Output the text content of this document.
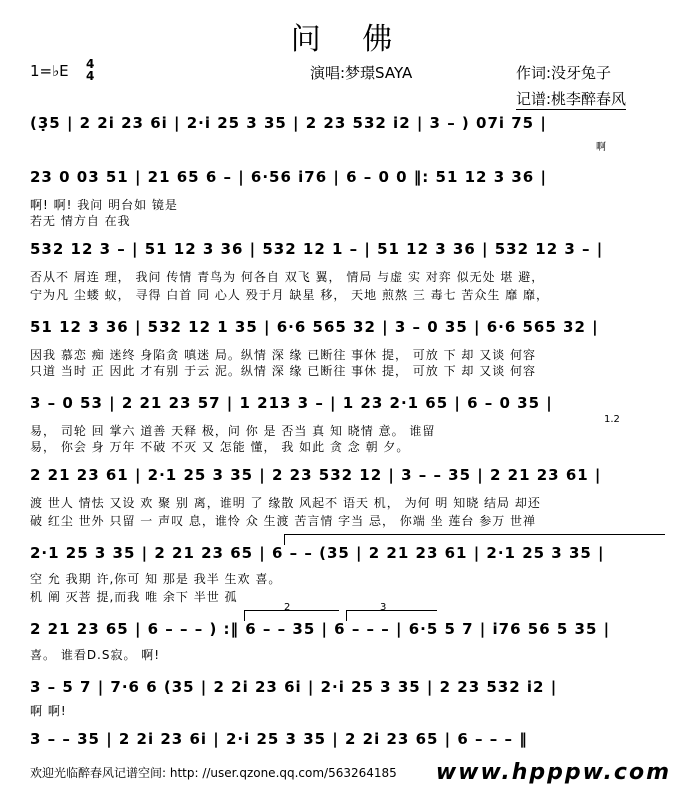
问 佛
1=♭E 4
4	演唱:梦璟SAYA	作词:没牙兔子
记谱:桃李醉春风
(3̣5 | 2 2i 23 6i | 2·i 25 3 35 | 2 23 532 i2 | 3 – ) 07i 75 |
啊
23 0 03 51 | 21 65 6 – | 6·56 i76 | 6 – 0 0 ‖: 51 12 3 36 |
啊! 啊! 我问 明台如 镜是
若无 情方自 在我
532 12 3 – | 51 12 3 36 | 532 12 1 – | 51 12 3 36 | 532 12 3 – |
否从不 屑连 理， 我问 传情 青鸟为 何各自 双飞 翼， 情局 与虚 实 对弈 似无处 堪 避，
宁为凡 尘蝼 蚁， 寻得 白首 同 心人 殁于月 缺星 移， 天地 煎熬 三 毒七 苦众生 靡 靡，
51 12 3 36 | 532 12 1 35 | 6·6 565 32 | 3 – 0 35 | 6·6 565 32 |
因我 慕恋 痴 迷终 身陷贪 嗔迷 局。纵情 深 缘 已断往 事休 提， 可放 下 却 又谈 何容
只道 当时 正 因此 才有别 于云 泥。纵情 深 缘 已断往 事休 提， 可放 下 却 又谈 何容
3 – 0 53 | 2 21 23 57 | 1 213 3 – | 1 23 2·1 65 | 6 – 0 35 |
1.2
易， 司轮 回 掌六 道善 天释 极，问 你 是 否当 真 知 晓情 意。 谁留
易， 你会 身 万年 不破 不灭 又 怎能 懂， 我 如此 贪 念 朝 夕。
2 21 23 61 | 2·1 25 3 35 | 2 23 532 12 | 3 – – 35 | 2 21 23 61 |
渡 世人 情怯 又设 欢 聚 别 离，谁明 了 缘散 风起不 语天 机， 为何 明 知晓 结局 却还
破 红尘 世外 只留 一 声叹 息，谁怜 众 生渡 苦言情 字当 忌， 你端 坐 莲台 参万 世禅
2·1 25 3 35 | 2 21 23 65 | 6 – – (35 | 2 21 23 61 | 2·1 25 3 35 |
空 允 我期 许,你可 知 那是 我半 生欢 喜。
机 阐 灭菩 提,而我 唯 余下 半世 孤
2	3
2 21 23 65 | 6 – – – ) :‖ 6 – – 35 | 6 – – – | 6·5 5 7 | i76 56 5 35 |
喜。 谁看D.S寂。 啊!
3 – 5 7 | 7·6 6 (35 | 2 2i 23 6i | 2·i 25 3 35 | 2 23 532 i2 |
啊 啊!
3 – – 35 | 2 2i 23 6i | 2·i 25 3 35 | 2 2i 23 65 | 6 – – – ‖
欢迎光临醉春风记谱空间: http: //user.qzone.qq.com/563264185 www.hpppw.com
